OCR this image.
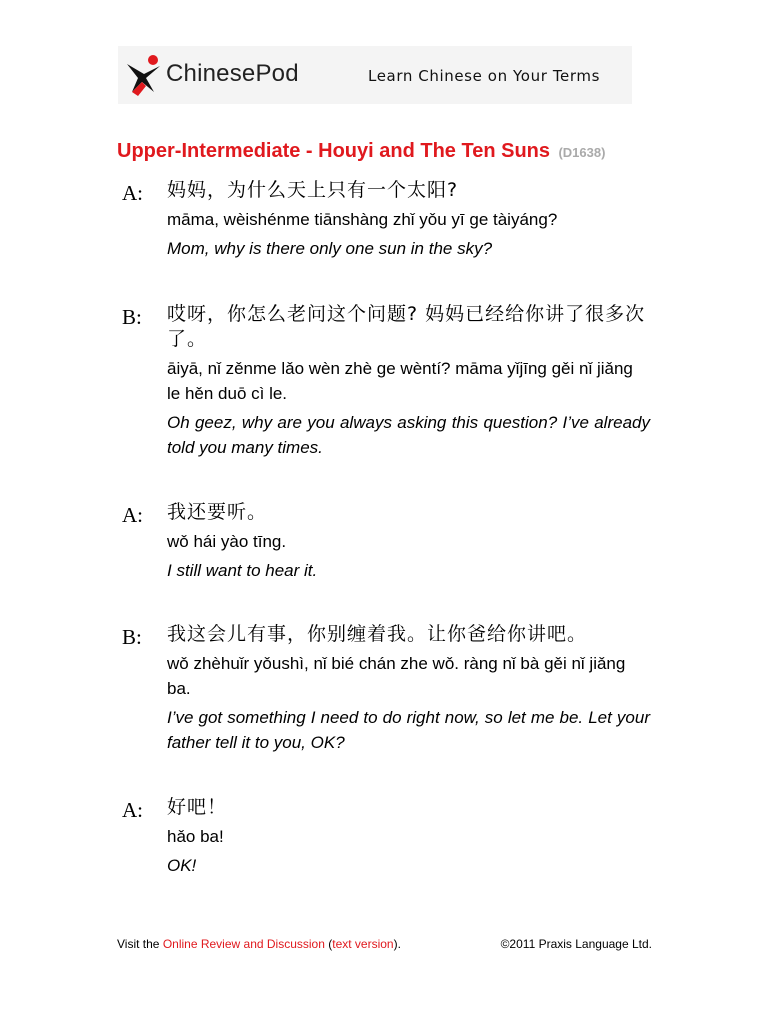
ChinesePod	Learn Chinese on Your Terms
Upper-Intermediate - Houyi and The Ten Suns (D1638)
A: 妈妈，为什么天上只有一个太阳?
māma, wèishénme tiānshàng zhǐ yǒu yī ge tàiyáng?
Mom, why is there only one sun in the sky?
B: 哎呀，你怎么老问这个问题? 妈妈已经给你讲了很多次了。
āiyā, nǐ zěnme lǎo wèn zhè ge wèntí? māma yǐjīng gěi nǐ jiǎng le hěn duō cì le.
Oh geez, why are you always asking this question? I’ve already told you many times.
A: 我还要听。
wǒ hái yào tīng.
I still want to hear it.
B: 我这会儿有事，你别缠着我。让你爸给你讲吧。
wǒ zhèhuǐr yǒushì, nǐ bié chán zhe wǒ. ràng nǐ bà gěi nǐ jiǎng ba.
I’ve got something I need to do right now, so let me be. Let your father tell it to you, OK?
A: 好吧！
hǎo ba!
OK!
Visit the Online Review and Discussion (text version).	©2011 Praxis Language Ltd.
